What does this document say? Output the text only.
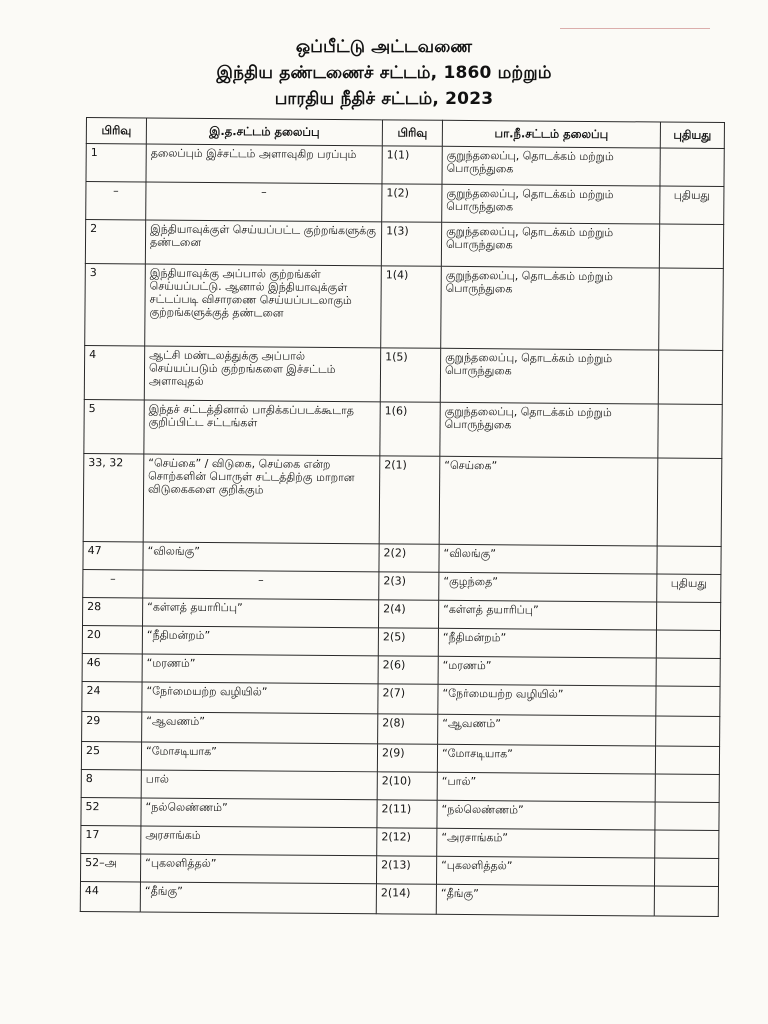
ஒப்பீட்டு அட்டவணை
இந்திய தண்டணைச் சட்டம், 1860 மற்றும்
பாரதிய நீதிச் சட்டம், 2023
பிரிவு	இ.த.சட்டம் தலைப்பு	பிரிவு	பா.நீ.சட்டம் தலைப்பு	புதியது
1	தலைப்பும் இச்சட்டம் அளாவுகிற பரப்பும்	1(1)	குறுந்தலைப்பு, தொடக்கம் மற்றும் பொருந்துகை	
–	–	1(2)	குறுந்தலைப்பு, தொடக்கம் மற்றும் பொருந்துகை	புதியது
2	இந்தியாவுக்குள் செய்யப்பட்ட குற்றங்களுக்கு தண்டனை	1(3)	குறுந்தலைப்பு, தொடக்கம் மற்றும் பொருந்துகை	
3	இந்தியாவுக்கு அப்பால் குற்றங்கள் செய்யப்பட்டு. ஆனால் இந்தியாவுக்குள் சட்டப்படி விசாரணை செய்யப்படலாகும் குற்றங்களுக்குத் தண்டனை	1(4)	குறுந்தலைப்பு, தொடக்கம் மற்றும் பொருந்துகை	
4	ஆட்சி மண்டலத்துக்கு அப்பால் செய்யப்படும் குற்றங்களை இச்சட்டம் அளாவுதல்	1(5)	குறுந்தலைப்பு, தொடக்கம் மற்றும் பொருந்துகை	
5	இந்தச் சட்டத்தினால் பாதிக்கப்படக்கூடாத குறிப்பிட்ட சட்டங்கள்	1(6)	குறுந்தலைப்பு, தொடக்கம் மற்றும் பொருந்துகை	
33, 32	“செய்கை” / விடுகை, செய்கை என்ற சொற்களின் பொருள் சட்டத்திற்கு மாறான விடுகைகளை குறிக்கும்	2(1)	“செய்கை”	
47	“விலங்கு”	2(2)	“விலங்கு”	
–	–	2(3)	“குழந்தை”	புதியது
28	“கள்ளத் தயாரிப்பு”	2(4)	“கள்ளத் தயாரிப்பு”	
20	“நீதிமன்றம்”	2(5)	“நீதிமன்றம்”	
46	“மரணம்”	2(6)	“மரணம்”	
24	“நேர்மையற்ற வழியில்”	2(7)	“நேர்மையற்ற வழியில்”	
29	“ஆவணம்”	2(8)	“ஆவணம்”	
25	“மோசடியாக”	2(9)	“மோசடியாக”	
8	பால்	2(10)	“பால்”	
52	“நல்லெண்ணம்”	2(11)	“நல்லெண்ணம்”	
17	அரசாங்கம்	2(12)	“அரசாங்கம்”	
52–அ	“புகலளித்தல்”	2(13)	“புகலளித்தல்”	
44	“தீங்கு”	2(14)	“தீங்கு”	
